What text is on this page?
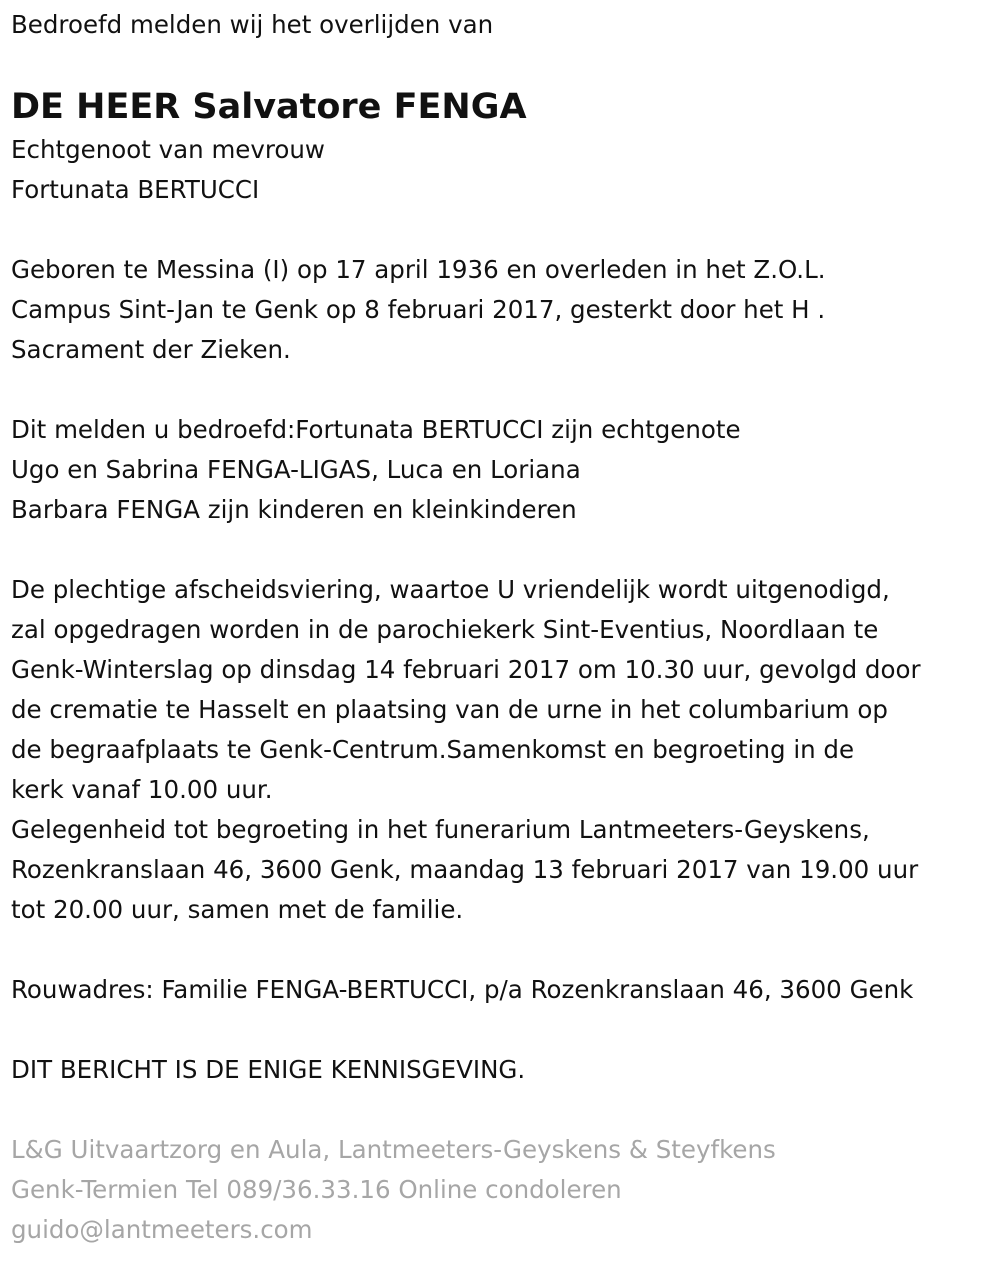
Bedroefd melden wij het overlijden van
DE HEER Salvatore FENGA
Echtgenoot van mevrouw
Fortunata BERTUCCI
Geboren te Messina (I) op 17 april 1936 en overleden in het Z.O.L.
Campus Sint-Jan te Genk op 8 februari 2017, gesterkt door het H .
Sacrament der Zieken.
Dit melden u bedroefd:Fortunata BERTUCCI zijn echtgenote
Ugo en Sabrina FENGA-LIGAS, Luca en Loriana
Barbara FENGA zijn kinderen en kleinkinderen
De plechtige afscheidsviering, waartoe U vriendelijk wordt uitgenodigd,
zal opgedragen worden in de parochiekerk Sint-Eventius, Noordlaan te
Genk-Winterslag op dinsdag 14 februari 2017 om 10.30 uur, gevolgd door
de crematie te Hasselt en plaatsing van de urne in het columbarium op
de begraafplaats te Genk-Centrum.Samenkomst en begroeting in de
kerk vanaf 10.00 uur.
Gelegenheid tot begroeting in het funerarium Lantmeeters-Geyskens,
Rozenkranslaan 46, 3600 Genk, maandag 13 februari 2017 van 19.00 uur
tot 20.00 uur, samen met de familie.
Rouwadres: Familie FENGA-BERTUCCI, p/a Rozenkranslaan 46, 3600 Genk
DIT BERICHT IS DE ENIGE KENNISGEVING.
L&G Uitvaartzorg en Aula, Lantmeeters-Geyskens & Steyfkens
Genk-Termien Tel 089/36.33.16 Online condoleren
guido@lantmeeters.com
